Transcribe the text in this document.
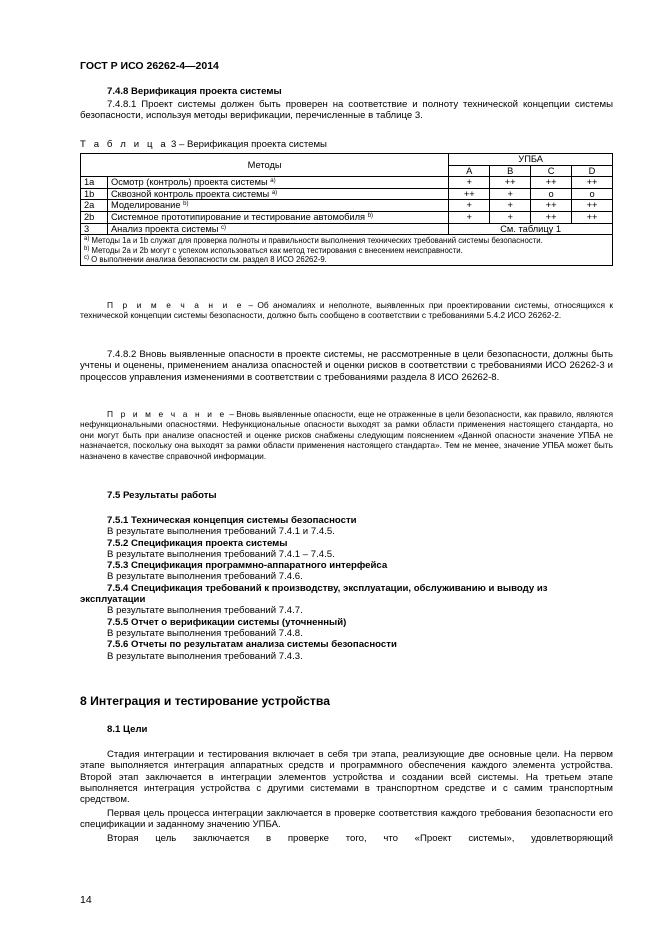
ГОСТ Р ИСО 26262-4—2014
7.4.8 Верификация проекта системы
7.4.8.1 Проект системы должен быть проверен на соответствие и полноту технической концепции системы безопасности, используя методы верификации, перечисленные в таблице 3.
Т а б л и ц а 3 – Верификация проекта системы
Методы		УПБА			
		A	B	C	D
1a	Осмотр (контроль) проекта системы $^{а)}$	+	++	++	++
1b	Сквозной контроль проекта системы $^{а)}$	++	+	o	o
2a	Моделирование $^{b)}$	+	+	++	++
2b	Системное прототипирование и тестирование автомобиля $^{b)}$	+	+	++	++
3	Анализ проекта системы $^{c)}$	См. таблицу 1			

$^{a)}$ Методы 1a и 1b служат для проверка полноты и правильности выполнения технических требований системы безопасности.
$^{b)}$ Методы 2a и 2b могут с успехом использоваться как метод тестирования с внесением неисправности.
$^{c)}$ О выполнении анализа безопасности см. раздел 8 ИСО 26262-9.					
П р и м е ч а н и е – Об аномалиях и неполноте, выявленных при проектировании системы, относящихся к технической концепции системы безопасности, должно быть сообщено в соответствии с требованиями 5.4.2 ИСО 26262-2.
7.4.8.2 Вновь выявленные опасности в проекте системы, не рассмотренные в цели безопасности, должны быть учтены и оценены, применением анализа опасностей и оценки рисков в соответствии с требованиями ИСО 26262-3 и процессов управления изменениями в соответствии с требованиями раздела 8 ИСО 26262-8.
П р и м е ч а н и е – Вновь выявленные опасности, еще не отраженные в цели безопасности, как правило, являются нефункциональными опасностями. Нефункциональные опасности выходят за рамки области применения настоящего стандарта, но они могут быть при анализе опасностей и оценке рисков снабжены следующим пояснением «Данной опасности значение УПБА не назначается, поскольку она выходят за рамки области применения настоящего стандарта». Тем не менее, значение УПБА может быть назначено в качестве справочной информации.
7.5 Результаты работы
7.5.1 Техническая концепция системы безопасности
В результате выполнения требований 7.4.1 и 7.4.5.
7.5.2 Спецификация проекта системы
В результате выполнения требований 7.4.1 – 7.4.5.
7.5.3 Спецификация программно-аппаратного интерфейса
В результате выполнения требований 7.4.6.
7.5.4 Спецификация требований к производству, эксплуатации, обслуживанию и выводу из эксплуатации
В результате выполнения требований 7.4.7.
7.5.5 Отчет о верификации системы (уточненный)
В результате выполнения требований 7.4.8.
7.5.6 Отчеты по результатам анализа системы безопасности
В результате выполнения требований 7.4.3.
8 Интеграция и тестирование устройства
8.1 Цели
Стадия интеграции и тестирования включает в себя три этапа, реализующие две основные цели. На первом этапе выполняется интеграция аппаратных средств и программного обеспечения каждого элемента устройства. Второй этап заключается в интеграции элементов устройства и создании всей системы. На третьем этапе выполняется интеграция устройства с другими системами в транспортном средстве и с самим транспортным средством.
Первая цель процесса интеграции заключается в проверке соответствия каждого требования безопасности его спецификации и заданному значению УПБА.
Вторая цель заключается в проверке того, что «Проект системы», удовлетворяющий
14
